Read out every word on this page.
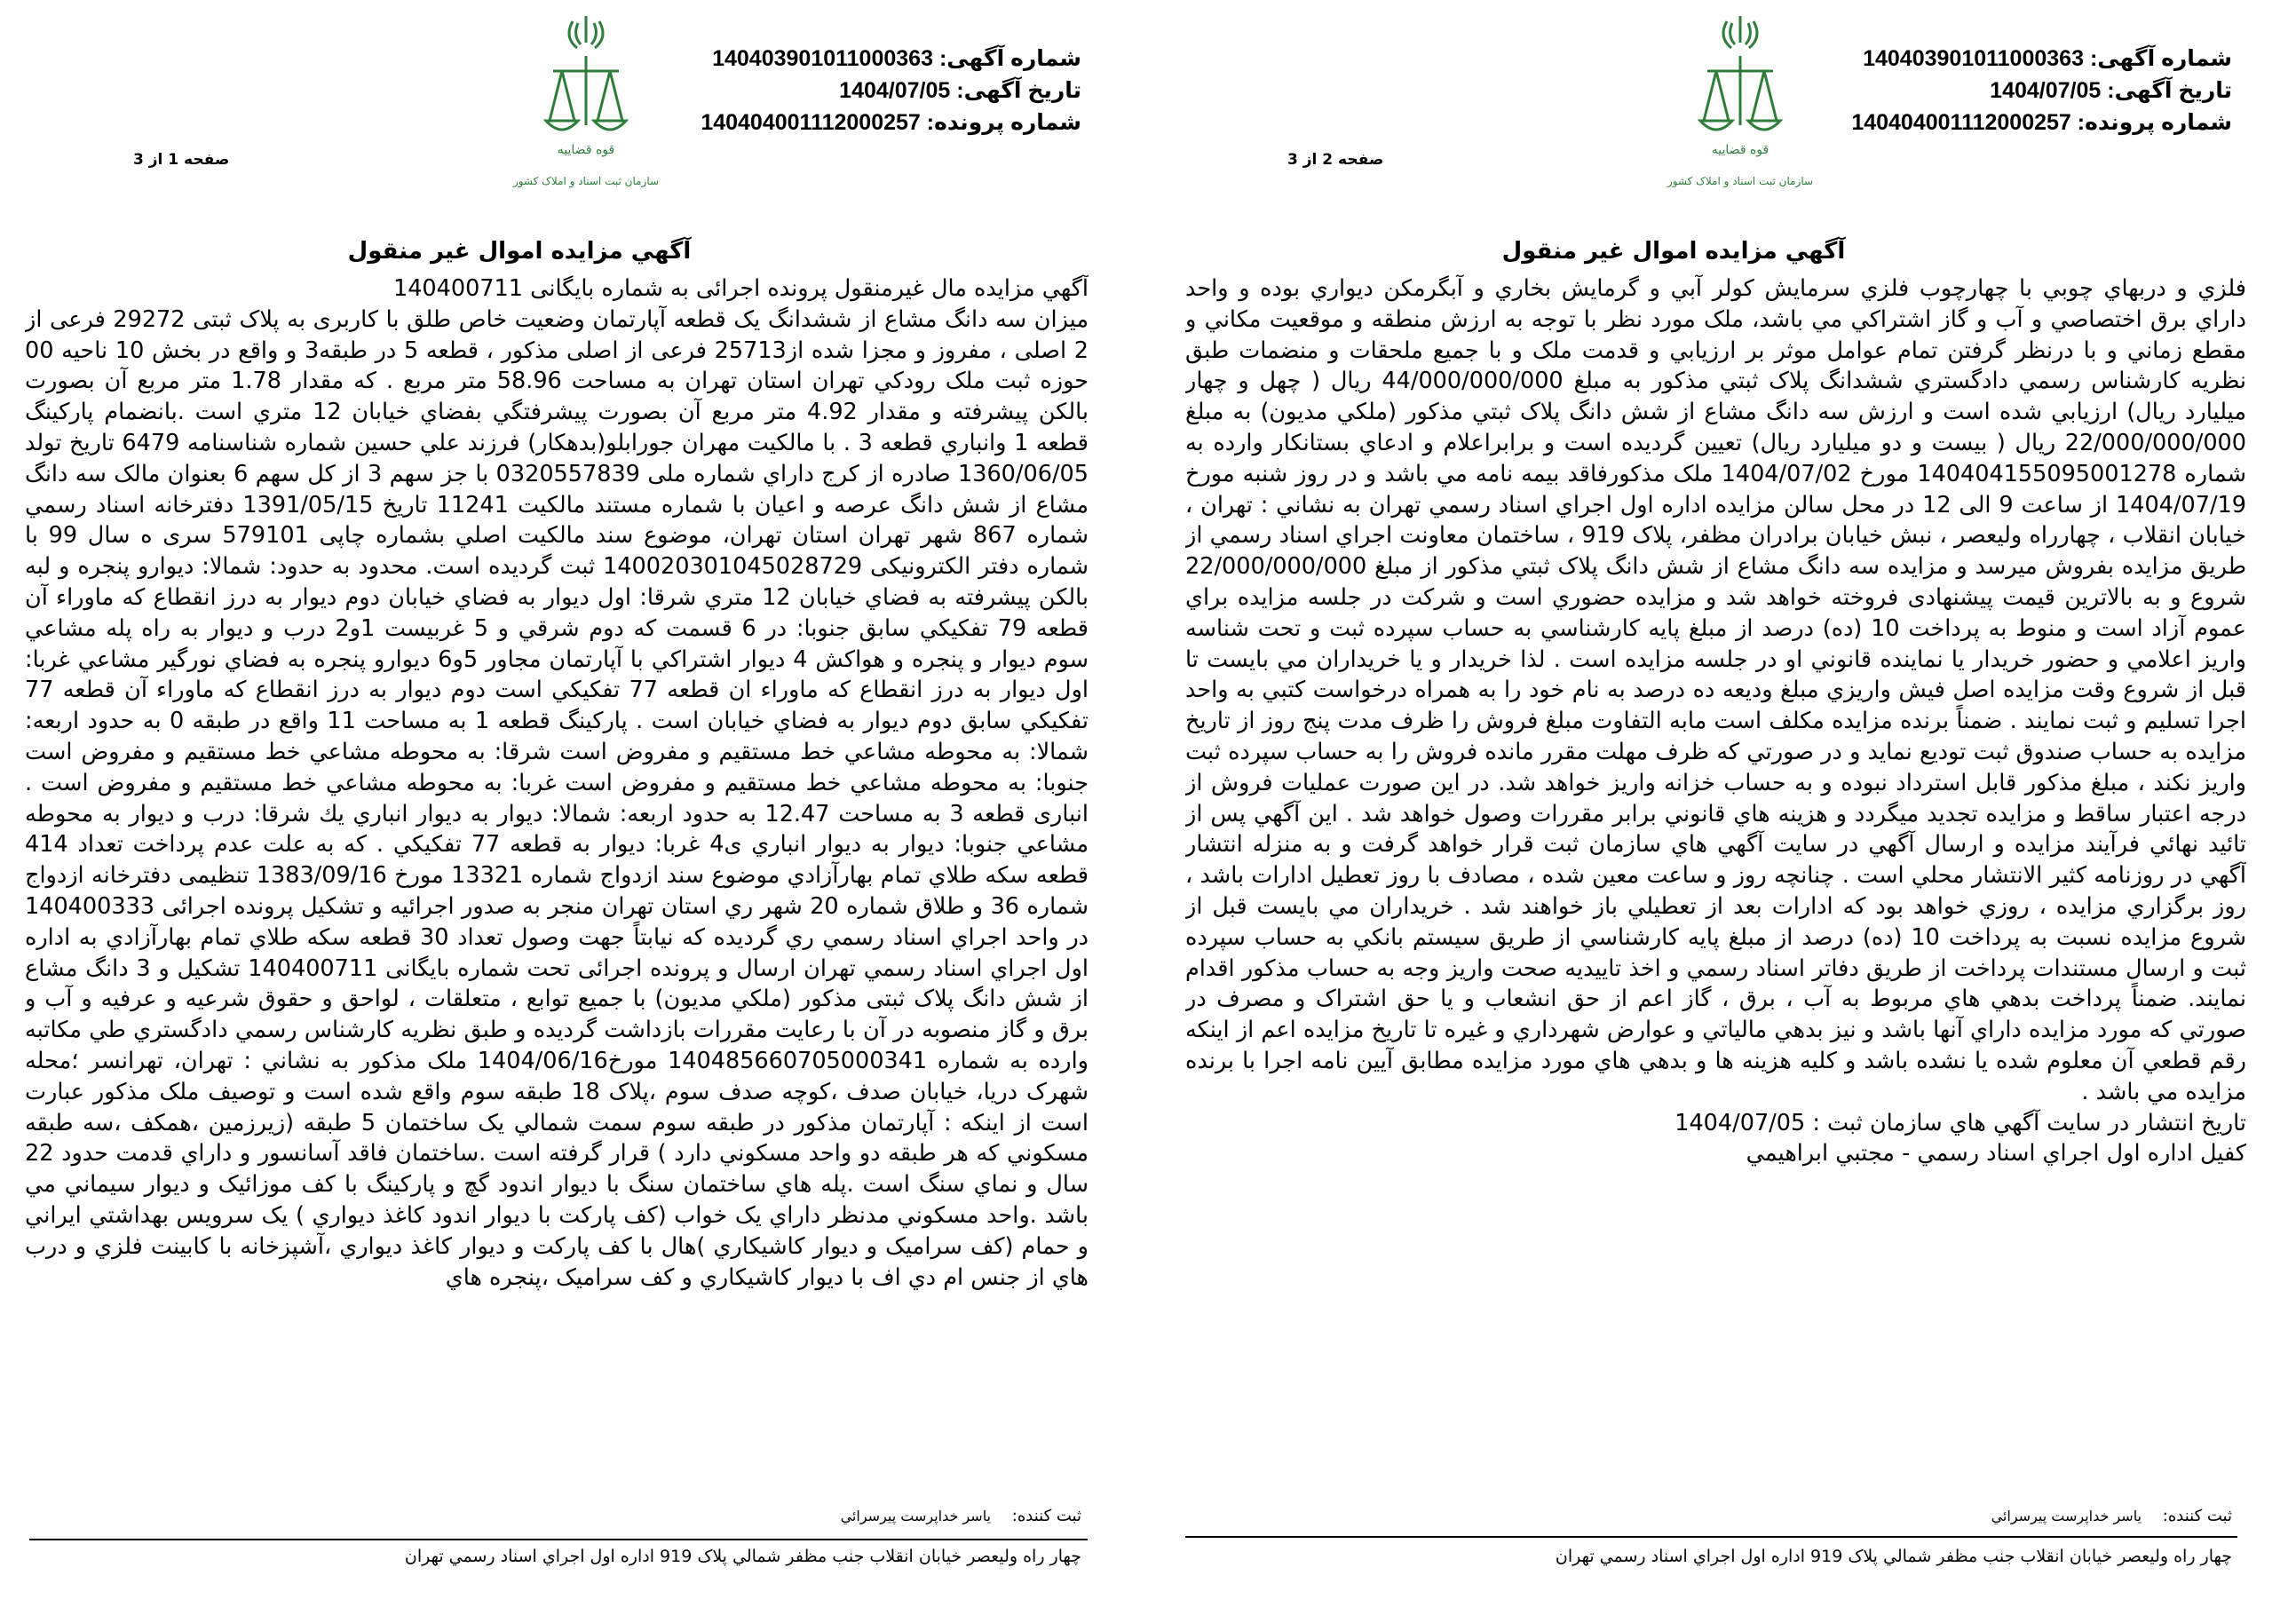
شماره آگهی: 140403901011000363
تاریخ آگهی: 1404/07/05
شماره پرونده: 140404001112000257
قوه قضاییه
سازمان ثبت اسناد و املاک کشور
صفحه 1 از 3
آگهي مزايده اموال غير منقول

آگهي مزايده مال غيرمنقول پرونده اجرائی به شماره بايگانی 140400711

ميزان سه دانگ مشاع از ششدانگ يک قطعه آپارتمان وضعيت خاص طلق با كاربری به پلاک ثبتی 29272 فرعی از 2 اصلی ، مفروز و مجزا شده از25713 فرعی از اصلی مذكور ، قطعه 5 در طبقه3 و واقع در بخش 10 ناحيه 00 حوزه ثبت ملک رودكي تهران استان تهران به مساحت 58.96 متر مربع . كه مقدار 1.78 متر مربع آن بصورت بالكن پيشرفته و مقدار 4.92 متر مربع آن بصورت پيشرفتگي بفضاي خيابان 12 متري است .بانضمام پاركينگ قطعه 1 وانباري قطعه 3 . با مالكيت مهران جورابلو(بدهكار) فرزند علي حسين شماره شناسنامه 6479 تاريخ تولد 1360/06/05 صادره از كرج داراي شماره ملی 0320557839 با جز سهم 3 از كل سهم 6 بعنوان مالک سه دانگ مشاع از شش دانگ عرصه و اعيان با شماره مستند مالكيت 11241 تاريخ 1391/05/15 دفترخانه اسناد رسمي شماره 867 شهر تهران استان تهران، موضوع سند مالكيت اصلي بشماره چاپی 579101 سری ه سال 99 با شماره دفتر الكترونيكی 140020301045028729 ثبت گرديده است. محدود به حدود: شمالا: ديوارو پنجره و لبه بالكن پيشرفته به فضاي خيابان 12 متري شرقا: اول ديوار به فضاي خيابان دوم ديوار به درز انقطاع كه ماوراء آن قطعه 79 تفكيكي سابق جنوبا: در 6 قسمت كه دوم شرقي و 5 غربيست 1و2 درب و ديوار به راه پله مشاعي سوم ديوار و پنجره و هواكش 4 ديوار اشتراكي با آپارتمان مجاور 5و6 ديوارو پنجره به فضاي نورگير مشاعي غربا: اول ديوار به درز انقطاع كه ماوراء ان قطعه 77 تفكيكي است دوم ديوار به درز انقطاع كه ماوراء آن قطعه 77 تفكيكي سابق دوم ديوار به فضاي خيابان است . پاركينگ قطعه 1 به مساحت 11 واقع در طبقه 0 به حدود اربعه: شمالا: به محوطه مشاعي خط مستقيم و مفروض است شرقا: به محوطه مشاعي خط مستقيم و مفروض است جنوبا: به محوطه مشاعي خط مستقيم و مفروض است غربا: به محوطه مشاعي خط مستقيم و مفروض است . انباری قطعه 3 به مساحت 12.47 به حدود اربعه: شمالا: ديوار به ديوار انباري يك شرقا: درب و ديوار به محوطه مشاعي جنوبا: ديوار به ديوار انباري ی4 غربا: ديوار به قطعه 77 تفكيكي . كه به علت عدم پرداخت تعداد 414 قطعه سكه طلاي تمام بهارآزادي موضوع سند ازدواج شماره 13321 مورخ 1383/09/16 تنظيمی دفترخانه ازدواج شماره 36 و طلاق شماره 20 شهر ري استان تهران منجر به صدور اجرائيه و تشكيل پرونده اجرائی 140400333 در واحد اجراي اسناد رسمي ري گرديده كه نيابتاً جهت وصول تعداد 30 قطعه سكه طلاي تمام بهارآزادي به اداره اول اجراي اسناد رسمي تهران ارسال و پرونده اجرائی تحت شماره بايگانی 140400711 تشكيل و 3 دانگ مشاع از شش دانگ پلاک ثبتی مذكور (ملكي مديون) با جميع توابع ، متعلقات ، لواحق و حقوق شرعيه و عرفيه و آب و برق و گاز منصوبه در آن با رعايت مقررات بازداشت گرديده و طبق نظريه كارشناس رسمي دادگستري طي مكاتبه وارده به شماره 140485660705000341 مورخ1404/06/16 ملک مذكور به نشاني : تهران، تهرانسر ؛محله شهرک دريا، خيابان صدف ،كوچه صدف سوم ،پلاک 18 طبقه سوم واقع شده است و توصيف ملک مذكور عبارت است از اينكه : آپارتمان مذكور در طبقه سوم سمت شمالي يک ساختمان 5 طبقه (زيرزمين ،همكف ،سه طبقه مسكوني كه هر طبقه دو واحد مسكوني دارد ) قرار گرفته است .ساختمان فاقد آسانسور و داراي قدمت حدود 22 سال و نماي سنگ است .پله هاي ساختمان سنگ با ديوار اندود گچ و پاركينگ با كف موزائيک و ديوار سيماني مي باشد .واحد مسكوني مدنظر داراي يک خواب (كف پاركت با ديوار اندود كاغذ ديواري ) يک سرويس بهداشتي ايراني و حمام (كف سراميک و ديوار كاشيكاري )هال با كف پاركت و ديوار كاغذ ديواري ،آشپزخانه با كابينت فلزي و درب هاي از جنس ام دي اف با ديوار كاشيكاري و كف سراميک ،پنجره هاي

ثبت كننده: ياسر خداپرست پيرسرائي
چهار راه وليعصر خيابان انقلاب جنب مظفر شمالي پلاک 919 اداره اول اجراي اسناد رسمي تهران
شماره آگهی: 140403901011000363
تاریخ آگهی: 1404/07/05
شماره پرونده: 140404001112000257
قوه قضاییه
سازمان ثبت اسناد و املاک کشور
صفحه 2 از 3
آگهي مزايده اموال غير منقول

فلزي و دربهاي چوبي با چهارچوب فلزي سرمايش كولر آبي و گرمايش بخاري و آبگرمكن ديواري بوده و واحد داراي برق اختصاصي و آب و گاز اشتراكي مي باشد، ملک مورد نظر با توجه به ارزش منطقه و موقعيت مكاني و مقطع زماني و با درنظر گرفتن تمام عوامل موثر بر ارزيابي و قدمت ملک و با جميع ملحقات و منضمات طبق نظريه كارشناس رسمي دادگستري ششدانگ پلاک ثبتي مذكور به مبلغ 44/000/000/000 ريال ( چهل و چهار ميليارد ريال) ارزيابي شده است و ارزش سه دانگ مشاع از شش دانگ پلاک ثبتي مذكور (ملكي مديون) به مبلغ 22/000/000/000 ريال ( بيست و دو ميليارد ريال) تعيين گرديده است و برابراعلام و ادعاي بستانكار وارده به شماره 140404155095001278 مورخ 1404/07/02 ملک مذكورفاقد بيمه نامه مي باشد و در روز شنبه مورخ 1404/07/19 از ساعت 9 الی 12 در محل سالن مزايده اداره اول اجراي اسناد رسمي تهران به نشاني : تهران ، خيابان انقلاب ، چهارراه وليعصر ، نبش خيابان برادران مظفر، پلاک 919 ، ساختمان معاونت اجراي اسناد رسمي از طريق مزايده بفروش ميرسد و مزايده سه دانگ مشاع از شش دانگ پلاک ثبتي مذكور از مبلغ 22/000/000/000 شروع و به بالاترين قيمت پيشنهادی فروخته خواهد شد و مزايده حضوري است و شركت در جلسه مزايده براي عموم آزاد است و منوط به پرداخت 10 (ده) درصد از مبلغ پايه كارشناسي به حساب سپرده ثبت و تحت شناسه واريز اعلامي و حضور خريدار يا نماينده قانوني او در جلسه مزايده است . لذا خريدار و يا خريداران مي بايست تا قبل از شروع وقت مزايده اصل فيش واريزي مبلغ وديعه ده درصد به نام خود را به همراه درخواست كتبي به واحد اجرا تسليم و ثبت نمايند . ضمناً برنده مزايده مكلف است مابه التفاوت مبلغ فروش را ظرف مدت پنج روز از تاريخ مزايده به حساب صندوق ثبت توديع نمايد و در صورتي كه ظرف مهلت مقرر مانده فروش را به حساب سپرده ثبت واريز نكند ، مبلغ مذكور قابل استرداد نبوده و به حساب خزانه واريز خواهد شد. در اين صورت عمليات فروش از درجه اعتبار ساقط و مزايده تجديد ميگردد و هزينه هاي قانوني برابر مقررات وصول خواهد شد . اين آگهي پس از تائيد نهائي فرآيند مزايده و ارسال آگهي در سايت آگهي هاي سازمان ثبت قرار خواهد گرفت و به منزله انتشار آگهي در روزنامه كثير الانتشار محلي است . چنانچه روز و ساعت معين شده ، مصادف با روز تعطيل ادارات باشد ، روز برگزاري مزايده ، روزي خواهد بود كه ادارات بعد از تعطيلي باز خواهند شد . خريداران مي بايست قبل از شروع مزايده نسبت به پرداخت 10 (ده) درصد از مبلغ پايه كارشناسي از طريق سيستم بانكي به حساب سپرده ثبت و ارسال مستندات پرداخت از طريق دفاتر اسناد رسمي و اخذ تاييديه صحت واريز وجه به حساب مذكور اقدام نمايند. ضمناً پرداخت بدهي هاي مربوط به آب ، برق ، گاز اعم از حق انشعاب و يا حق اشتراک و مصرف در صورتي كه مورد مزايده داراي آنها باشد و نيز بدهي مالياتي و عوارض شهرداري و غيره تا تاريخ مزايده اعم از اينكه رقم قطعي آن معلوم شده يا نشده باشد و كليه هزينه ها و بدهي هاي مورد مزايده مطابق آيين نامه اجرا با برنده مزايده مي باشد .

تاريخ انتشار در سايت آگهي هاي سازمان ثبت : 1404/07/05

كفيل اداره اول اجراي اسناد رسمي - مجتبي ابراهيمي

ثبت كننده: ياسر خداپرست پيرسرائي
چهار راه وليعصر خيابان انقلاب جنب مظفر شمالي پلاک 919 اداره اول اجراي اسناد رسمي تهران
